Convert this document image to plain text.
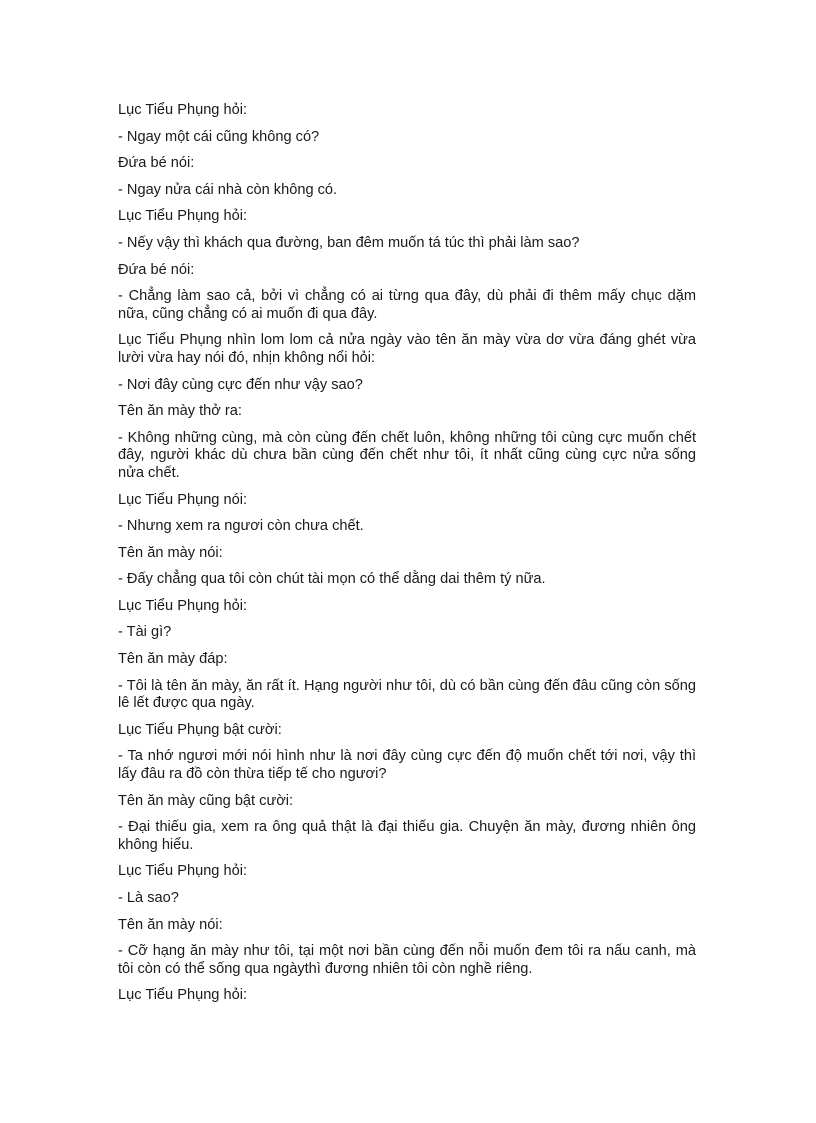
Lục Tiểu Phụng hỏi:

- Ngay một cái cũng không có?

Đứa bé nói:

- Ngay nửa cái nhà còn không có.

Lục Tiểu Phụng hỏi:

- Nếy vậy thì khách qua đường, ban đêm muốn tá túc thì phải làm sao?

Đứa bé nói:

- Chẳng làm sao cả, bởi vì chẳng có ai từng qua đây, dù phải đi thêm mấy chục dặm nữa, cũng chẳng có ai muốn đi qua đây.

Lục Tiểu Phụng nhìn lom lom cả nửa ngày vào tên ăn mày vừa dơ vừa đáng ghét vừa lười vừa hay nói đó, nhịn không nổi hỏi:

- Nơi đây cùng cực đến như vậy sao?

Tên ăn mày thở ra:

- Không những cùng, mà còn cùng đến chết luôn, không những tôi cùng cực muốn chết đây, người khác dù chưa bần cùng đến chết như tôi, ít nhất cũng cùng cực nửa sống nửa chết.

Lục Tiểu Phụng nói:

- Nhưng xem ra ngươi còn chưa chết.

Tên ăn mày nói:

- Đấy chẳng qua tôi còn chút tài mọn có thể dằng dai thêm tý nữa.

Lục Tiểu Phụng hỏi:

- Tài gì?

Tên ăn mày đáp:

- Tôi là tên ăn mày, ăn rất ít. Hạng người như tôi, dù có bần cùng đến đâu cũng còn sống lê lết được qua ngày.

Lục Tiểu Phụng bật cười:

- Ta nhớ ngươi mới nói hình như là nơi đây cùng cực đến độ muốn chết tới nơi, vậy thì lấy đâu ra đồ còn thừa tiếp tế cho ngươi?

Tên ăn mày cũng bật cười:

- Đại thiếu gia, xem ra ông quả thật là đại thiếu gia. Chuyện ăn mày, đương nhiên ông không hiểu.

Lục Tiểu Phụng hỏi:

- Là sao?

Tên ăn mày nói:

- Cỡ hạng ăn mày như tôi, tại một nơi bần cùng đến nỗi muốn đem tôi ra nấu canh, mà tôi còn có thể sống qua ngàythì đương nhiên tôi còn nghề riêng.

Lục Tiểu Phụng hỏi:
